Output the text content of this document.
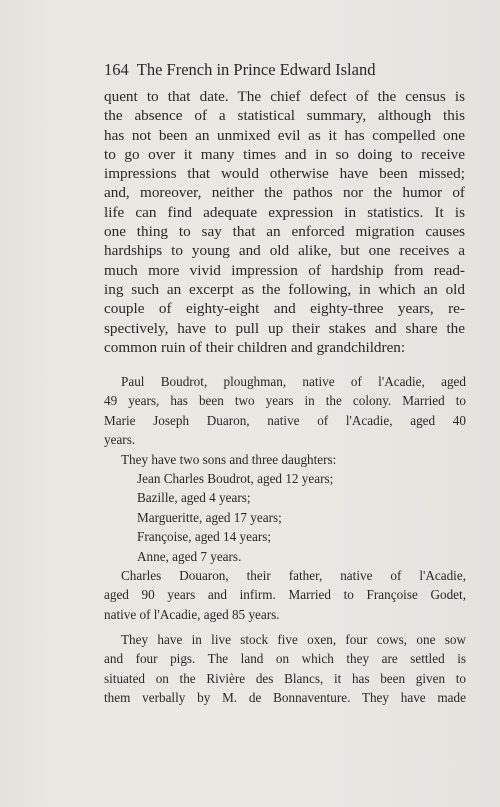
164 The French in Prince Edward Island
quent to that date. The chief defect of the census is
the absence of a statistical summary, although this
has not been an unmixed evil as it has compelled one
to go over it many times and in so doing to receive
impressions that would otherwise have been missed;
and, moreover, neither the pathos nor the humor of
life can find adequate expression in statistics. It is
one thing to say that an enforced migration causes
hardships to young and old alike, but one receives a
much more vivid impression of hardship from read-
ing such an excerpt as the following, in which an old
couple of eighty-eight and eighty-three years, re-
spectively, have to pull up their stakes and share the
common ruin of their children and grandchildren:
Paul Boudrot, ploughman, native of l'Acadie, aged
49 years, has been two years in the colony. Married to
Marie Joseph Duaron, native of l'Acadie, aged 40
years.
They have two sons and three daughters:
Jean Charles Boudrot, aged 12 years;
Bazille, aged 4 years;
Margueritte, aged 17 years;
Françoise, aged 14 years;
Anne, aged 7 years.
Charles Douaron, their father, native of l'Acadie,
aged 90 years and infirm. Married to Françoise Godet,
native of l'Acadie, aged 85 years.
They have in live stock five oxen, four cows, one sow
and four pigs. The land on which they are settled is
situated on the Rivière des Blancs, it has been given to
them verbally by M. de Bonnaventure. They have made
